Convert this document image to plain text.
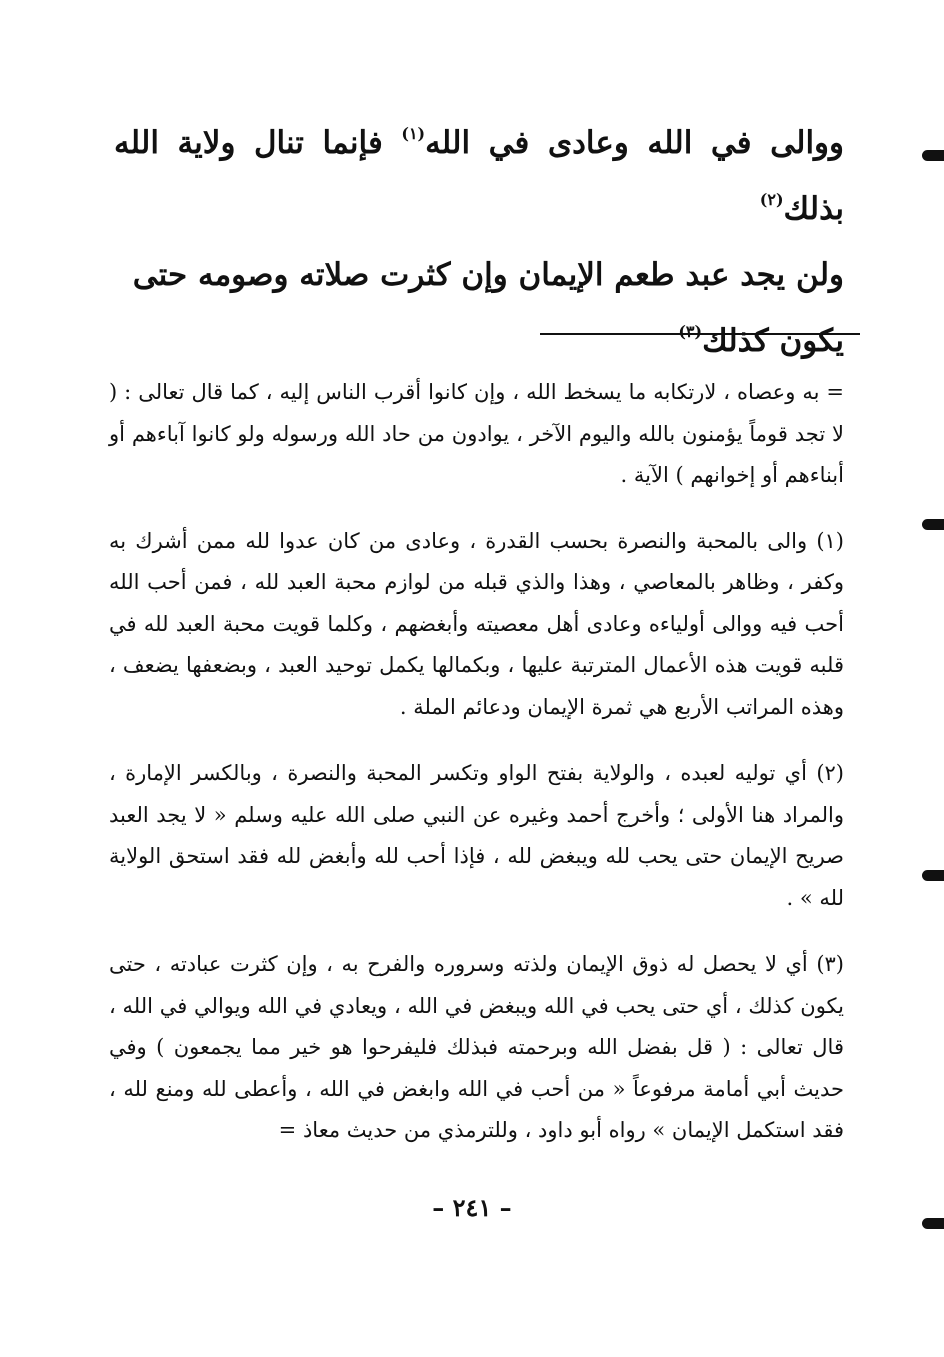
ووالى في الله وعادى في الله$^{(١)}$ فإنما تنال ولاية الله بذلك$^{(٢)}$

ولن يجد عبد طعم الإيمان وإن كثرت صلاته وصومه حتى

يكون كذلك$^{(٣)}$

= به وعصاه ، لارتكابه ما يسخط الله ، وإن كانوا أقرب الناس إليه ، كما قال تعالى : ( لا تجد قوماً يؤمنون بالله واليوم الآخر ، يوادون من حاد الله ورسوله ولو كانوا آباءهم أو أبناءهم أو إخوانهم ) الآية .

(١) والى بالمحبة والنصرة بحسب القدرة ، وعادى من كان عدوا لله ممن أشرك به وكفر ، وظاهر بالمعاصي ، وهذا والذي قبله من لوازم محبة العبد لله ، فمن أحب الله أحب فيه ووالى أولياءه وعادى أهل معصيته وأبغضهم ، وكلما قويت محبة العبد لله في قلبه قويت هذه الأعمال المترتبة عليها ، وبكمالها يكمل توحيد العبد ، وبضعفها يضعف ، وهذه المراتب الأربع هي ثمرة الإيمان ودعائم الملة .

(٢) أي توليه لعبده ، والولاية بفتح الواو وتكسر المحبة والنصرة ، وبالكسر الإمارة ، والمراد هنا الأولى ؛ وأخرج أحمد وغيره عن النبي صلى الله عليه وسلم « لا يجد العبد صريح الإيمان حتى يحب لله ويبغض لله ، فإذا أحب لله وأبغض لله فقد استحق الولاية لله » .

(٣) أي لا يحصل له ذوق الإيمان ولذته وسروره والفرح به ، وإن كثرت عبادته ، حتى يكون كذلك ، أي حتى يحب في الله ويبغض في الله ، ويعادي في الله ويوالي في الله ، قال تعالى : ( قل بفضل الله وبرحمته فبذلك فليفرحوا هو خير مما يجمعون ) وفي حديث أبي أمامة مرفوعاً « من أحب في الله وابغض في الله ، وأعطى لله ومنع لله ، فقد استكمل الإيمان » رواه أبو داود ، وللترمذي من حديث معاذ =

– ٢٤١ –
